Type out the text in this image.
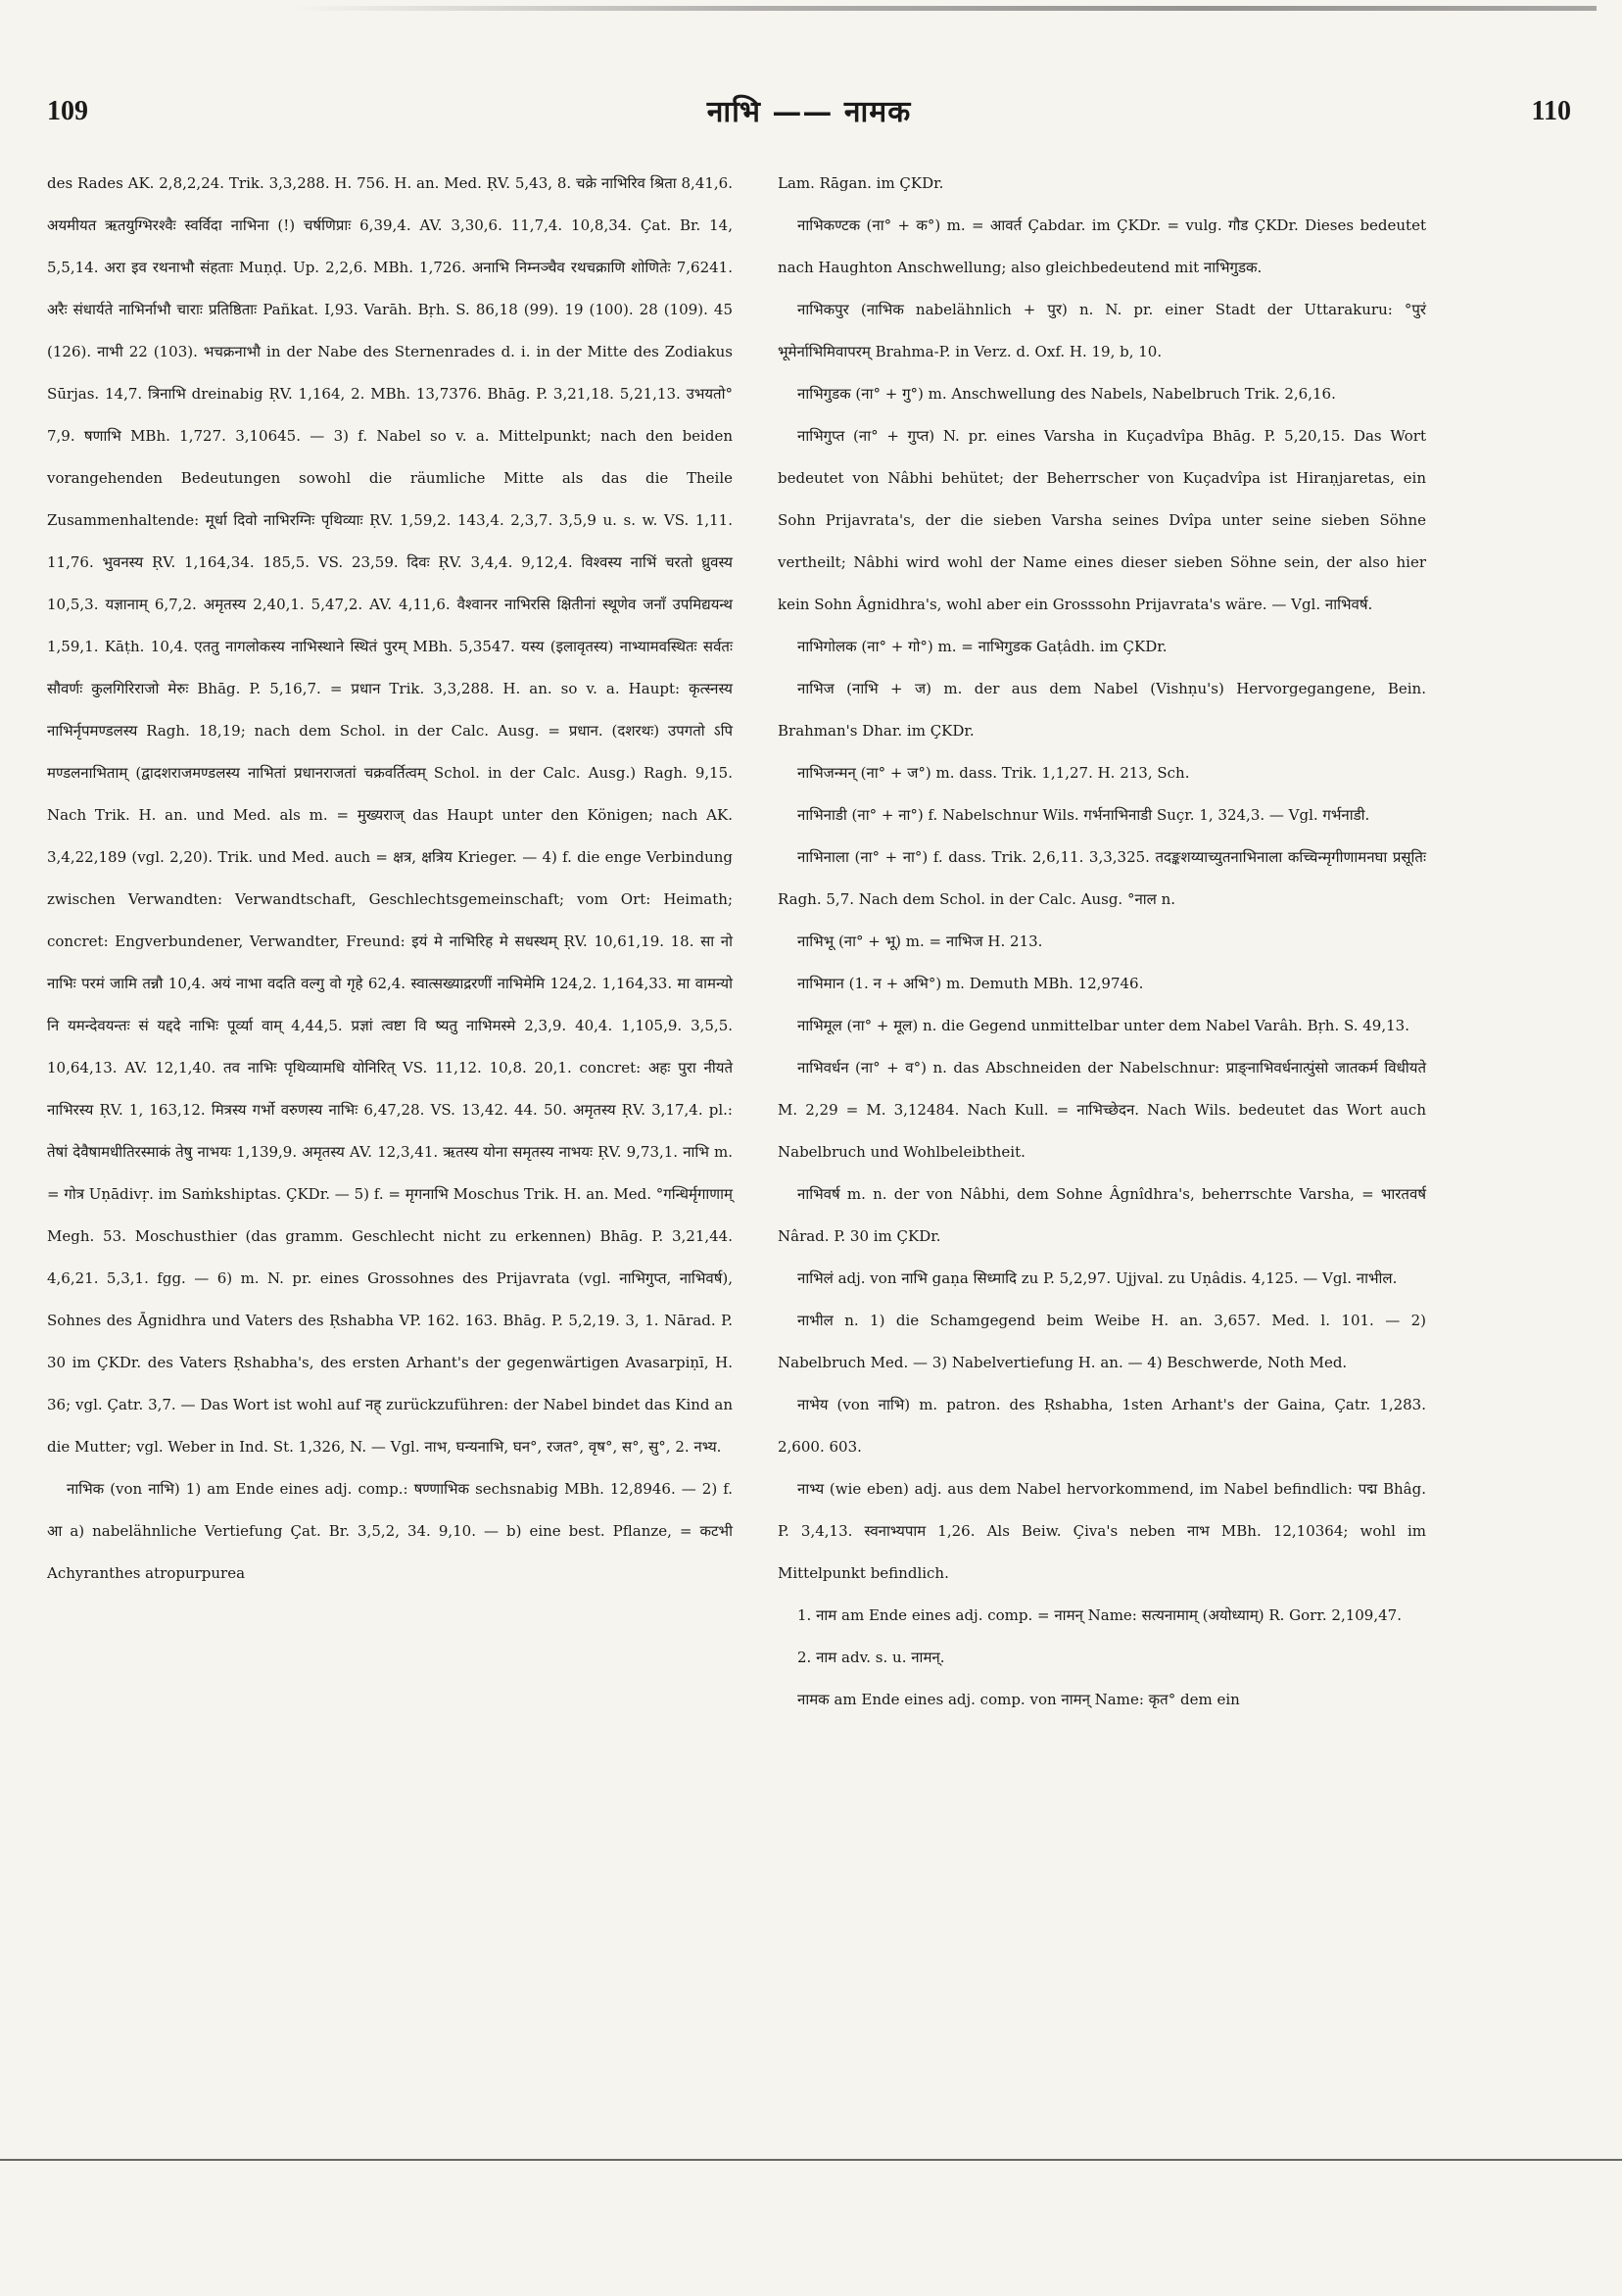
109	नाभि —— नामक	110

des Rades AK. 2,8,2,24. Trik. 3,3,288. H. 756. H. an. Med. ṚV. 5,43, 8. चक्रे नाभिरिव श्रिता 8,41,6. अयमीयत ऋतयुग्भिरश्वैः स्वर्विदा नाभिना (!) चर्षणिप्राः 6,39,4. AV. 3,30,6. 11,7,4. 10,8,34. Çat. Br. 14, 5,5,14. अरा इव रथनाभौ संहताः Muṇḍ. Up. 2,2,6. MBh. 1,726. अनाभि निम्नञ्चैव रथचक्राणि शोणितेः 7,6241. अरैः संधार्यते नाभिर्नाभौ चाराः प्रतिष्ठिताः Pañkat. I,93. Varāh. Bṛh. S. 86,18 (99). 19 (100). 28 (109). 45 (126). नाभी 22 (103). भचक्रनाभौ in der Nabe des Sternenrades d. i. in der Mitte des Zodiakus Sūrjas. 14,7. त्रिनाभि dreinabig ṚV. 1,164, 2. MBh. 13,7376. Bhāg. P. 3,21,18. 5,21,13. उभयतो° 7,9. षणाभि MBh. 1,727. 3,10645. — 3) f. Nabel so v. a. Mittelpunkt; nach den beiden vorangehenden Bedeutungen sowohl die räumliche Mitte als das die Theile Zusammenhaltende: मूर्धा दिवो नाभिरग्निः पृथिव्याः ṚV. 1,59,2. 143,4. 2,3,7. 3,5,9 u. s. w. VS. 1,11. 11,76. भुवनस्य ṚV. 1,164,34. 185,5. VS. 23,59. दिवः ṚV. 3,4,4. 9,12,4. विश्वस्य नाभिं चरतो ध्रुवस्य 10,5,3. यज्ञानाम् 6,7,2. अमृतस्य 2,40,1. 5,47,2. AV. 4,11,6. वैश्वानर नाभिरसि क्षितीनां स्थूणेव जनाँ उपमिद्ययन्थ 1,59,1. Kāṭh. 10,4. एततु नागलोकस्य नाभिस्थाने स्थितं पुरम् MBh. 5,3547. यस्य (इलावृतस्य) नाभ्यामवस्थितः सर्वतः सौवर्णः कुलगिरिराजो मेरुः Bhāg. P. 5,16,7. = प्रधान Trik. 3,3,288. H. an. so v. a. Haupt: कृत्स्नस्य नाभिर्नृपमण्डलस्य Ragh. 18,19; nach dem Schol. in der Calc. Ausg. = प्रधान. (दशरथः) उपगतो ऽपि मण्डलनाभिताम् (द्वादशराजमण्डलस्य नाभितां प्रधानराजतां चक्रवर्तित्वम् Schol. in der Calc. Ausg.) Ragh. 9,15. Nach Trik. H. an. und Med. als m. = मुख्यराज् das Haupt unter den Königen; nach AK. 3,4,22,189 (vgl. 2,20). Trik. und Med. auch = क्षत्र, क्षत्रिय Krieger. — 4) f. die enge Verbindung zwischen Verwandten: Verwandtschaft, Geschlechtsgemeinschaft; vom Ort: Heimath; concret: Engverbundener, Verwandter, Freund: इयं मे नाभिरिह मे सधस्थम् ṚV. 10,61,19. 18. सा नो नाभिः परमं जामि तन्नौ 10,4. अयं नाभा वदति वल्गु वो गृहे 62,4. स्वात्सख्याद्ररणीं नाभिमेमि 124,2. 1,164,33. मा वामन्यो नि यमन्देवयन्तः सं यद्ददे नाभिः पूर्व्या वाम् 4,44,5. प्रज्ञां त्वष्टा वि ष्यतु नाभिमस्मे 2,3,9. 40,4. 1,105,9. 3,5,5. 10,64,13. AV. 12,1,40. तव नाभिः पृथिव्यामधि योनिरित् VS. 11,12. 10,8. 20,1. concret: अहः पुरा नीयते नाभिरस्य ṚV. 1, 163,12. मित्रस्य गर्भो वरुणस्य नाभिः 6,47,28. VS. 13,42. 44. 50. अमृतस्य ṚV. 3,17,4. pl.: तेषां देवैषामधीतिरस्माकं तेषु नाभयः 1,139,9. अमृतस्य AV. 12,3,41. ऋतस्य योना समृतस्य नाभयः ṚV. 9,73,1. नाभि m. = गोत्र Uṇādivṛ. im Saṁkshiptas. ÇKDr. — 5) f. = मृगनाभि Moschus Trik. H. an. Med. °गन्धिर्मृगाणाम् Megh. 53. Moschusthier (das gramm. Geschlecht nicht zu erkennen) Bhāg. P. 3,21,44. 4,6,21. 5,3,1. fgg. — 6) m. N. pr. eines Grossohnes des Prijavrata (vgl. नाभिगुप्त, नाभिवर्ष), Sohnes des Āgnidhra und Vaters des Ṛshabha VP. 162. 163. Bhāg. P. 5,2,19. 3, 1. Nārad. P. 30 im ÇKDr. des Vaters Ṛshabha's, des ersten Arhant's der gegenwärtigen Avasarpiṇī, H. 36; vgl. Çatr. 3,7. — Das Wort ist wohl auf नह् zurückzuführen: der Nabel bindet das Kind an die Mutter; vgl. Weber in Ind. St. 1,326, N. — Vgl. नाभ, घन्यनाभि, घन°, रजत°, वृष°, स°, सु°, 2. नभ्य.

नाभिक (von नाभि) 1) am Ende eines adj. comp.: षण्णाभिक sechsnabig MBh. 12,8946. — 2) f. आ a) nabelähnliche Vertiefung Çat. Br. 3,5,2, 34. 9,10. — b) eine best. Pflanze, = कटभी Achyranthes atropurpurea

Lam. Rāgan. im ÇKDr.

नाभिकण्टक (ना° + क°) m. = आवर्त Çabdar. im ÇKDr. = vulg. गौड ÇKDr. Dieses bedeutet nach Haughton Anschwellung; also gleichbedeutend mit नाभिगुडक.

नाभिकपुर (नाभिक nabelähnlich + पुर) n. N. pr. einer Stadt der Uttarakuru: °पुरं भूमेर्नाभिमिवापरम् Brahma-P. in Verz. d. Oxf. H. 19, b, 10.

नाभिगुडक (ना° + गु°) m. Anschwellung des Nabels, Nabelbruch Trik. 2,6,16.

नाभिगुप्त (ना° + गुप्त) N. pr. eines Varsha in Kuçadvîpa Bhāg. P. 5,20,15. Das Wort bedeutet von Nâbhi behütet; der Beherrscher von Kuçadvîpa ist Hiraṇjaretas, ein Sohn Prijavrata's, der die sieben Varsha seines Dvîpa unter seine sieben Söhne vertheilt; Nâbhi wird wohl der Name eines dieser sieben Söhne sein, der also hier kein Sohn Âgnidhra's, wohl aber ein Grosssohn Prijavrata's wäre. — Vgl. नाभिवर्ष.

नाभिगोलक (ना° + गो°) m. = नाभिगुडक Gaṭâdh. im ÇKDr.

नाभिज (नाभि + ज) m. der aus dem Nabel (Vishṇu's) Hervorgegangene, Bein. Brahman's Dhar. im ÇKDr.

नाभिजन्मन् (ना° + ज°) m. dass. Trik. 1,1,27. H. 213, Sch.

नाभिनाडी (ना° + ना°) f. Nabelschnur Wils. गर्भनाभिनाडी Suçr. 1, 324,3. — Vgl. गर्भनाडी.

नाभिनाला (ना° + ना°) f. dass. Trik. 2,6,11. 3,3,325. तदङ्कशय्याच्युतनाभिनाला कच्चिन्मृगीणामनघा प्रसूतिः Ragh. 5,7. Nach dem Schol. in der Calc. Ausg. °नाल n.

नाभिभू (ना° + भू) m. = नाभिज H. 213.

नाभिमान (1. न + अभि°) m. Demuth MBh. 12,9746.

नाभिमूल (ना° + मूल) n. die Gegend unmittelbar unter dem Nabel Varâh. Bṛh. S. 49,13.

नाभिवर्धन (ना° + व°) n. das Abschneiden der Nabelschnur: प्राङ्नाभिवर्धनात्पुंसो जातकर्म विधीयते M. 2,29 = M. 3,12484. Nach Kull. = नाभिच्छेदन. Nach Wils. bedeutet das Wort auch Nabelbruch und Wohlbeleibtheit.

नाभिवर्ष m. n. der von Nâbhi, dem Sohne Âgnîdhra's, beherrschte Varsha, = भारतवर्ष Nârad. P. 30 im ÇKDr.

नाभिलं adj. von नाभि gaṇa सिध्मादि zu P. 5,2,97. Ujjval. zu Uṇâdis. 4,125. — Vgl. नाभील.

नाभील n. 1) die Schamgegend beim Weibe H. an. 3,657. Med. l. 101. — 2) Nabelbruch Med. — 3) Nabelvertiefung H. an. — 4) Beschwerde, Noth Med.

नाभेय (von नाभि) m. patron. des Ṛshabha, 1sten Arhant's der Gaina, Çatr. 1,283. 2,600. 603.

नाभ्य (wie eben) adj. aus dem Nabel hervorkommend, im Nabel befindlich: पद्म Bhâg. P. 3,4,13. स्वनाभ्यपाम 1,26. Als Beiw. Çiva's neben नाभ MBh. 12,10364; wohl im Mittelpunkt befindlich.

1. नाम am Ende eines adj. comp. = नामन् Name: सत्यनामाम् (अयोध्याम्) R. Gorr. 2,109,47.

2. नाम adv. s. u. नामन्.

नामक am Ende eines adj. comp. von नामन् Name: कृत° dem ein
